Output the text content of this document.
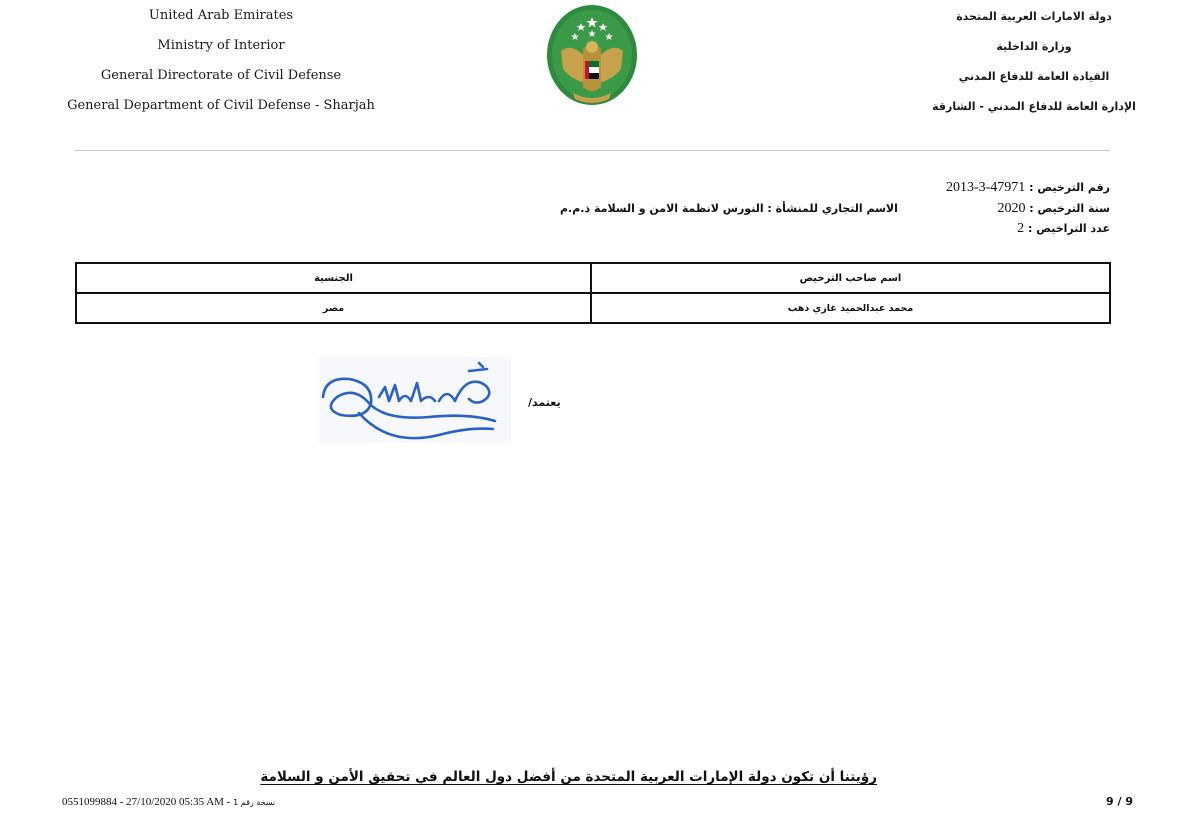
United Arab Emirates
Ministry of Interior
General Directorate of Civil Defense
General Department of Civil Defense - Sharjah
دولة الامارات العربية المتحدة
وزارة الداخلية
القيادة العامة للدفاع المدني
الإدارة العامة للدفاع المدني - الشارقة
رقم الترخيص : 2013-3-47971
سنة الترخيص : 2020
عدد التراخيص : 2
الاسم التجاري للمنشأة : النورس لانظمة الامن و السلامة ذ.م.م
اسم صاحب الترخيص	الجنسية
محمد عبدالحميد غازي ذهب	مصر
يعتمد/
رؤيتنا أن تكون دولة الإمارات العربية المتحدة من أفضل دول العالم في تحقيق الأمن و السلامة
0551099884 - 27/10/2020 05:35 AM - نسخة رقم 1	9 / 9
